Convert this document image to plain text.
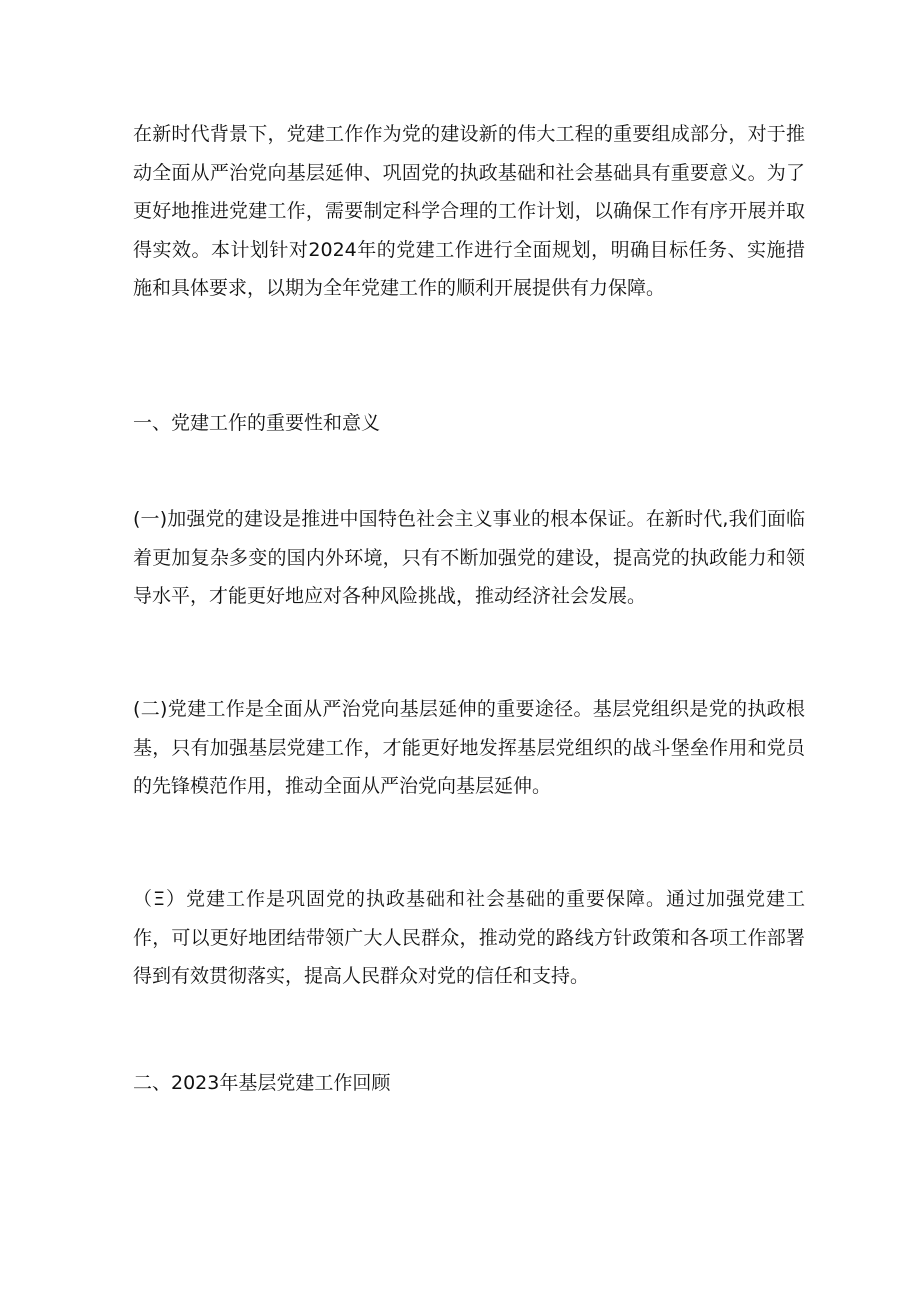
在新时代背景下，党建工作作为党的建设新的伟大工程的重要组成部分，对于推动全面从严治党向基层延伸、巩固党的执政基础和社会基础具有重要意义。为了更好地推进党建工作，需要制定科学合理的工作计划，以确保工作有序开展并取得实效。本计划针对2024年的党建工作进行全面规划，明确目标任务、实施措施和具体要求，以期为全年党建工作的顺利开展提供有力保障。

一、党建工作的重要性和意义

(一)加强党的建设是推进中国特色社会主义事业的根本保证。在新时代,我们面临着更加复杂多变的国内外环境，只有不断加强党的建设，提高党的执政能力和领导水平，才能更好地应对各种风险挑战，推动经济社会发展。

(二)党建工作是全面从严治党向基层延伸的重要途径。基层党组织是党的执政根基，只有加强基层党建工作，才能更好地发挥基层党组织的战斗堡垒作用和党员的先锋模范作用，推动全面从严治党向基层延伸。

（Ξ）党建工作是巩固党的执政基础和社会基础的重要保障。通过加强党建工作，可以更好地团结带领广大人民群众，推动党的路线方针政策和各项工作部署得到有效贯彻落实，提高人民群众对党的信任和支持。

二、2023年基层党建工作回顾
